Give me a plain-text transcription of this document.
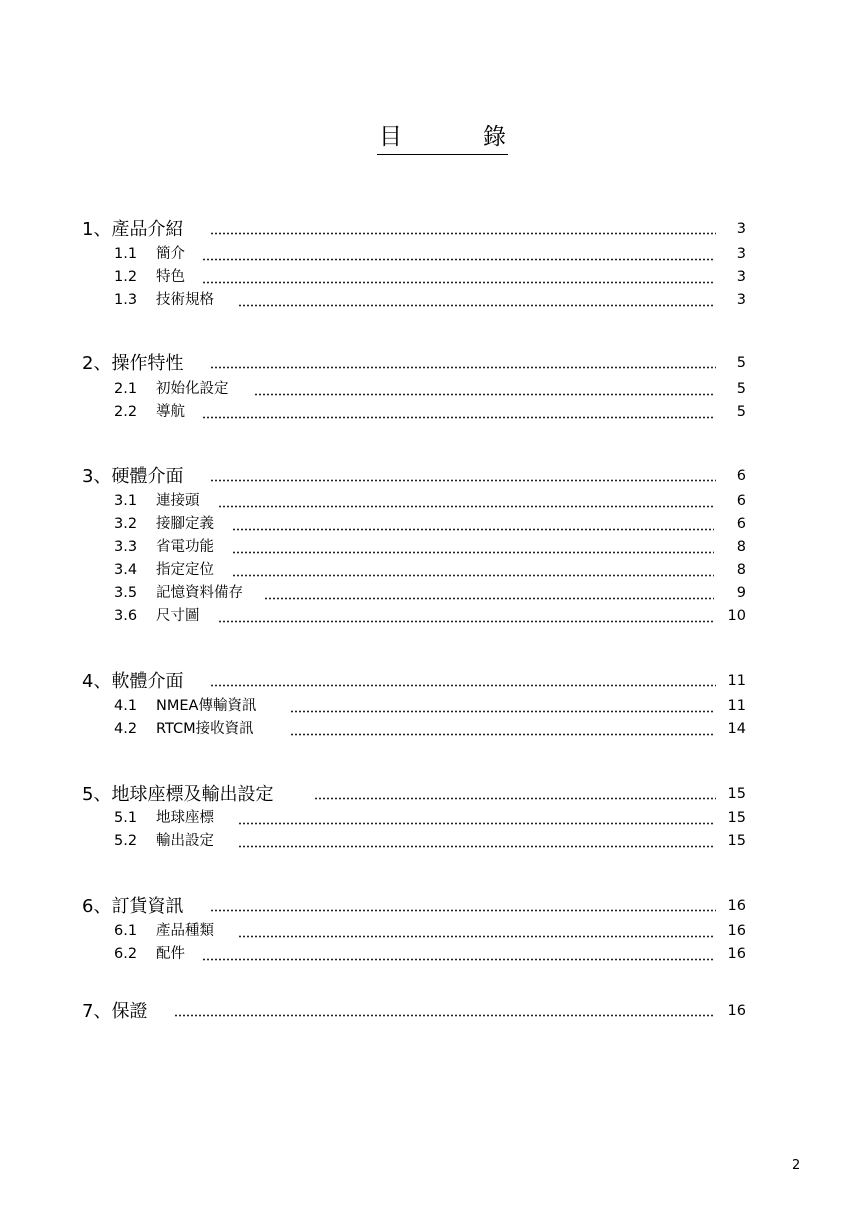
目	錄
1、產品介紹	3
1.1 簡介	3
1.2 特色	3
1.3 技術規格	3
2、操作特性	5
2.1 初始化設定	5
2.2 導航	5
3、硬體介面	6
3.1 連接頭	6
3.2 接腳定義	6
3.3 省電功能	8
3.4 指定定位	8
3.5 記憶資料備存	9
3.6 尺寸圖	10
4、軟體介面	11
4.1 NMEA傳輸資訊	11
4.2 RTCM接收資訊	14
5、地球座標及輸出設定	15
5.1 地球座標	15
5.2 輸出設定	15
6、訂貨資訊	16
6.1 產品種類	16
6.2 配件	16
7、保證	16
2
